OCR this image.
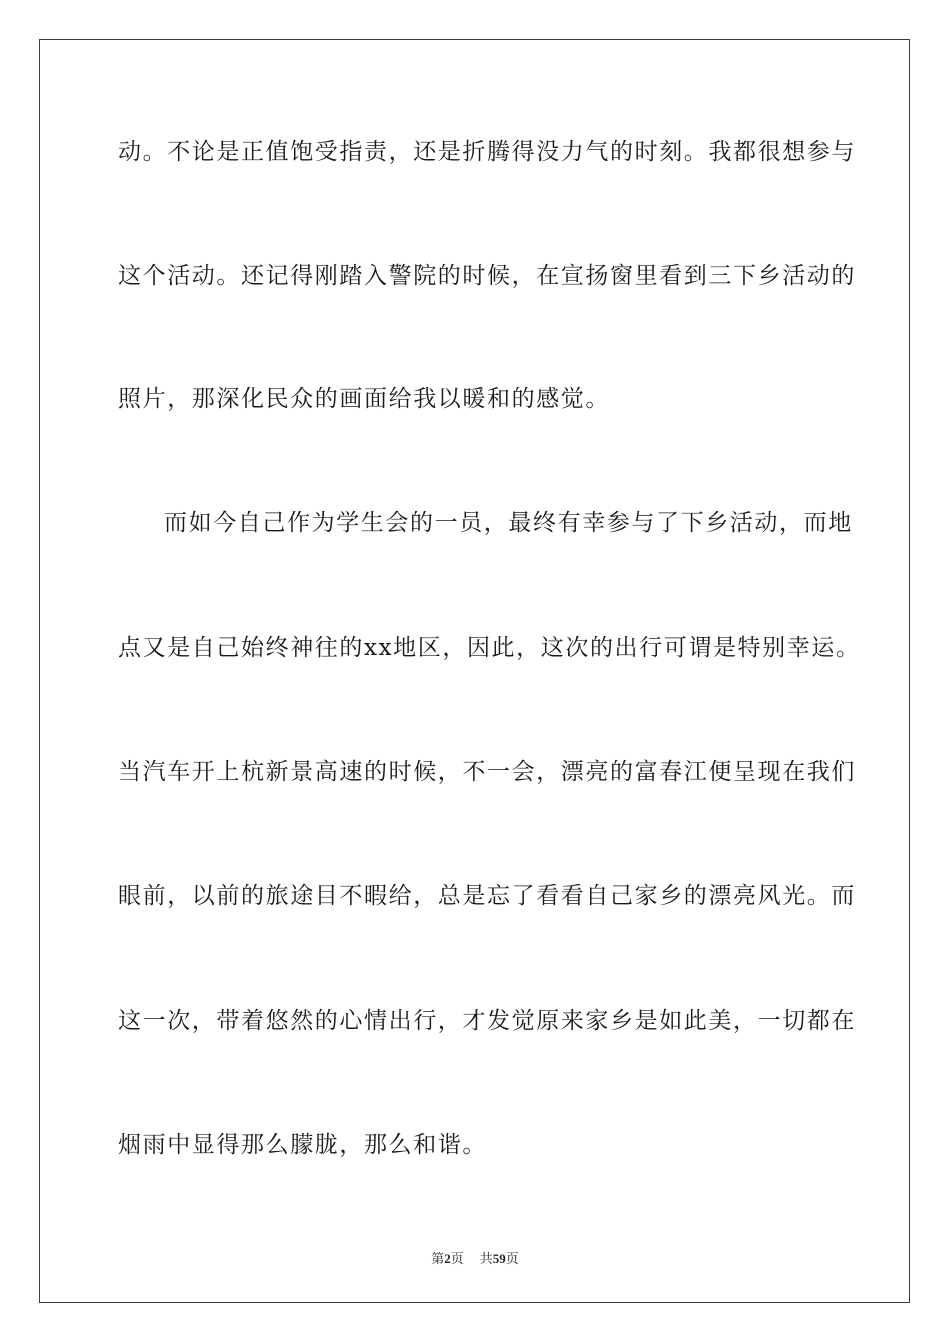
动。不论是正值饱受指责，还是折腾得没力气的时刻。我都很想参与
这个活动。还记得刚踏入警院的时候，在宣扬窗里看到三下乡活动的
照片，那深化民众的画面给我以暖和的感觉。
而如今自己作为学生会的一员，最终有幸参与了下乡活动，而地
点又是自己始终神往的xx地区，因此，这次的出行可谓是特别幸运。
当汽车开上杭新景高速的时候，不一会，漂亮的富春江便呈现在我们
眼前，以前的旅途目不暇给，总是忘了看看自己家乡的漂亮风光。而
这一次，带着悠然的心情出行，才发觉原来家乡是如此美，一切都在
烟雨中显得那么朦胧，那么和谐。
第2页 共59页
